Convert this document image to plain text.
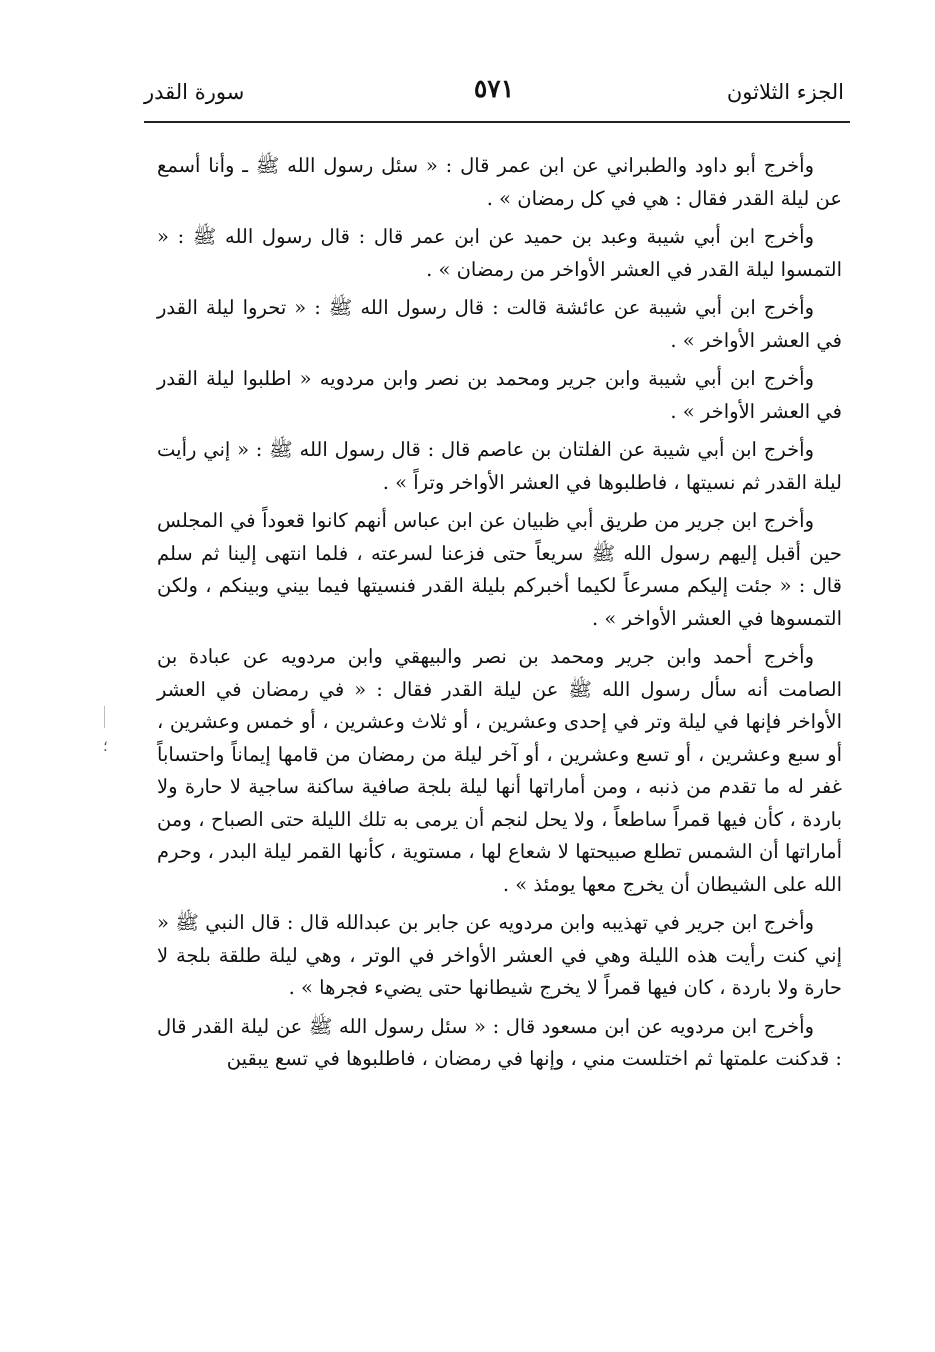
الجزء الثلاثون
٥٧١
سورة القدر

وأخرج أبو داود والطبراني عن ابن عمر قال : « سئل رسول الله ﷺ ـ وأنا أسمع عن ليلة القدر فقال : هي في كل رمضان » .

وأخرج ابن أبي شيبة وعبد بن حميد عن ابن عمر قال : قال رسول الله ﷺ : « التمسوا ليلة القدر في العشر الأواخر من رمضان » .

وأخرج ابن أبي شيبة عن عائشة قالت : قال رسول الله ﷺ : « تحروا ليلة القدر في العشر الأواخر » .

وأخرج ابن أبي شيبة وابن جرير ومحمد بن نصر وابن مردويه « اطلبوا ليلة القدر في العشر الأواخر » .

وأخرج ابن أبي شيبة عن الفلتان بن عاصم قال : قال رسول الله ﷺ : « إني رأيت ليلة القدر ثم نسيتها ، فاطلبوها في العشر الأواخر وتراً » .

وأخرج ابن جرير من طريق أبي ظبيان عن ابن عباس أنهم كانوا قعوداً في المجلس حين أقبل إليهم رسول الله ﷺ سريعاً حتى فزعنا لسرعته ، فلما انتهى إلينا ثم سلم قال : « جئت إليكم مسرعاً لكيما أخبركم بليلة القدر فنسيتها فيما بيني وبينكم ، ولكن التمسوها في العشر الأواخر » .

وأخرج أحمد وابن جرير ومحمد بن نصر والبيهقي وابن مردويه عن عبادة بن الصامت أنه سأل رسول الله ﷺ عن ليلة القدر فقال : « في رمضان في العشر الأواخر فإنها في ليلة وتر في إحدى وعشرين ، أو ثلاث وعشرين ، أو خمس وعشرين ، أو سبع وعشرين ، أو تسع وعشرين ، أو آخر ليلة من رمضان من قامها إيماناً واحتساباً غفر له ما تقدم من ذنبه ، ومن أماراتها أنها ليلة بلجة صافية ساكنة ساجية لا حارة ولا باردة ، كأن فيها قمراً ساطعاً ، ولا يحل لنجم أن يرمى به تلك الليلة حتى الصباح ، ومن أماراتها أن الشمس تطلع صبيحتها لا شعاع لها ، مستوية ، كأنها القمر ليلة البدر ، وحرم الله على الشيطان أن يخرج معها يومئذ » .

وأخرج ابن جرير في تهذيبه وابن مردويه عن جابر بن عبدالله قال : قال النبي ﷺ « إني كنت رأيت هذه الليلة وهي في العشر الأواخر في الوتر ، وهي ليلة طلقة بلجة لا حارة ولا باردة ، كان فيها قمراً لا يخرج شيطانها حتى يضيء فجرها » .

وأخرج ابن مردويه عن ابن مسعود قال : « سئل رسول الله ﷺ عن ليلة القدر قال : قدكنت علمتها ثم اختلست مني ، وإنها في رمضان ، فاطلبوها في تسع يبقين

؛
